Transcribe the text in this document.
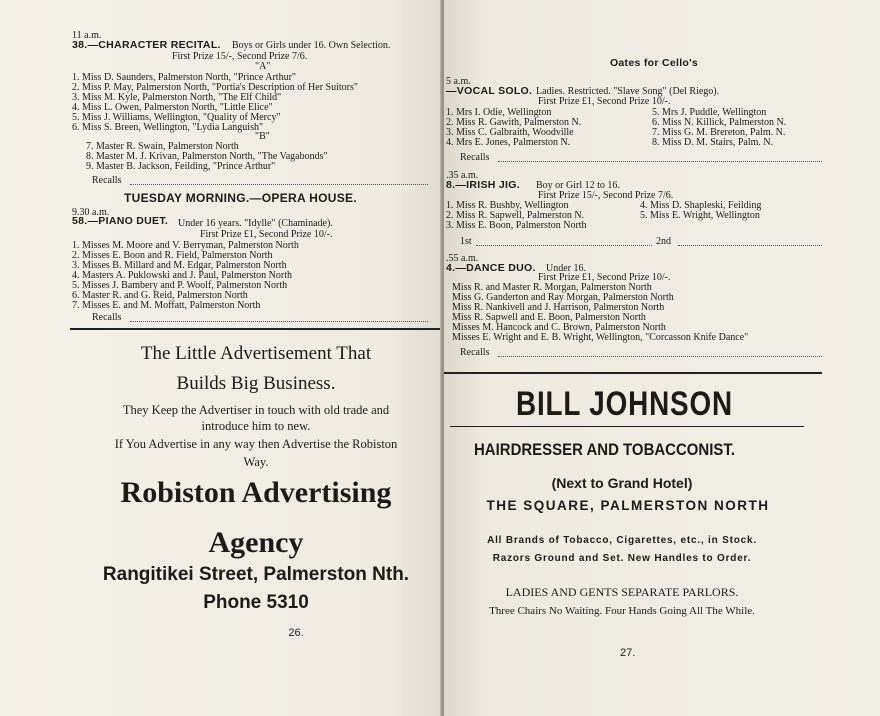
11 a.m.
38.—CHARACTER RECITAL. Boys or Girls under 16. Own Selection.
First Prize 15/-, Second Prize 7/6.
"A"
1. Miss D. Saunders, Palmerston North, "Prince Arthur"
2. Miss P. May, Palmerston North, "Portia's Description of Her Suitors"
3. Miss M. Kyle, Palmerston North, "The Elf Child"
4. Miss L. Owen, Palmerston North, "Little Elice"
5. Miss J. Williams, Wellington, "Quality of Mercy"
6. Miss S. Breen, Wellington, "Lydia Languish"
"B"
7. Master R. Swain, Palmerston North
8. Master M. J. Krivan, Palmerston North, "The Vagabonds"
9. Master B. Jackson, Feilding, "Prince Arthur"
Recalls
TUESDAY MORNING.—OPERA HOUSE.
9.30 a.m.
58.—PIANO DUET. Under 16 years. "Idylle" (Chaminade).
First Prize £1, Second Prize 10/-.
1. Misses M. Moore and V. Berryman, Palmerston North
2. Misses E. Boon and R. Field, Palmerston North
3. Misses B. Millard and M. Edgar, Palmerston North
4. Masters A. Puklowski and J. Paul, Palmerston North
5. Misses J. Bambery and P. Woolf, Palmerston North
6. Master R. and G. Reid, Palmerston North
7. Misses E. and M. Moffatt, Palmerston North
Recalls
The Little Advertisement That
Builds Big Business.
They Keep the Advertiser in touch with old trade and
introduce him to new.
If You Advertise in any way then Advertise the Robiston
Way.
Robiston Advertising
Agency
Rangitikei Street, Palmerston Nth.
Phone 5310
26.
Oates for Cello's
5 a.m.
—VOCAL SOLO. Ladies. Restricted. "Slave Song" (Del Riego).
First Prize £1, Second Prize 10/-.
1. Mrs I. Odie, Wellington
2. Miss R. Gawith, Palmerston N.
3. Miss C. Galbraith, Woodville
4. Mrs E. Jones, Palmerston N.
5. Mrs J. Puddle, Wellington
6. Miss N. Killick, Palmerston N.
7. Miss G. M. Brereton, Palm. N.
8. Miss D. M. Stairs, Palm. N.
Recalls
.35 a.m.
8.—IRISH JIG. Boy or Girl 12 to 16.
First Prize 15/-, Second Prize 7/6.
1. Miss R. Bushby, Wellington
2. Miss R. Sapwell, Palmerston N.
3. Miss E. Boon, Palmerston North
4. Miss D. Shapleski, Feilding
5. Miss E. Wright, Wellington
1st	2nd
.55 a.m.
4.—DANCE DUO. Under 16.
First Prize £1, Second Prize 10/-.
Miss R. and Master R. Morgan, Palmerston North
Miss G. Ganderton and Ray Morgan, Palmerston North
Miss R. Nankivell and J. Harrison, Palmerston North
Miss R. Sapwell and E. Boon, Palmerston North
Misses M. Hancock and C. Brown, Palmerston North
Misses E. Wright and E. B. Wright, Wellington, "Corcasson Knife Dance"
Recalls
BILL JOHNSON
HAIRDRESSER AND TOBACCONIST.
(Next to Grand Hotel)
THE SQUARE, PALMERSTON NORTH
All Brands of Tobacco, Cigarettes, etc., in Stock.
Razors Ground and Set. New Handles to Order.
LADIES AND GENTS SEPARATE PARLORS.
Three Chairs No Waiting. Four Hands Going All The While.
27.
